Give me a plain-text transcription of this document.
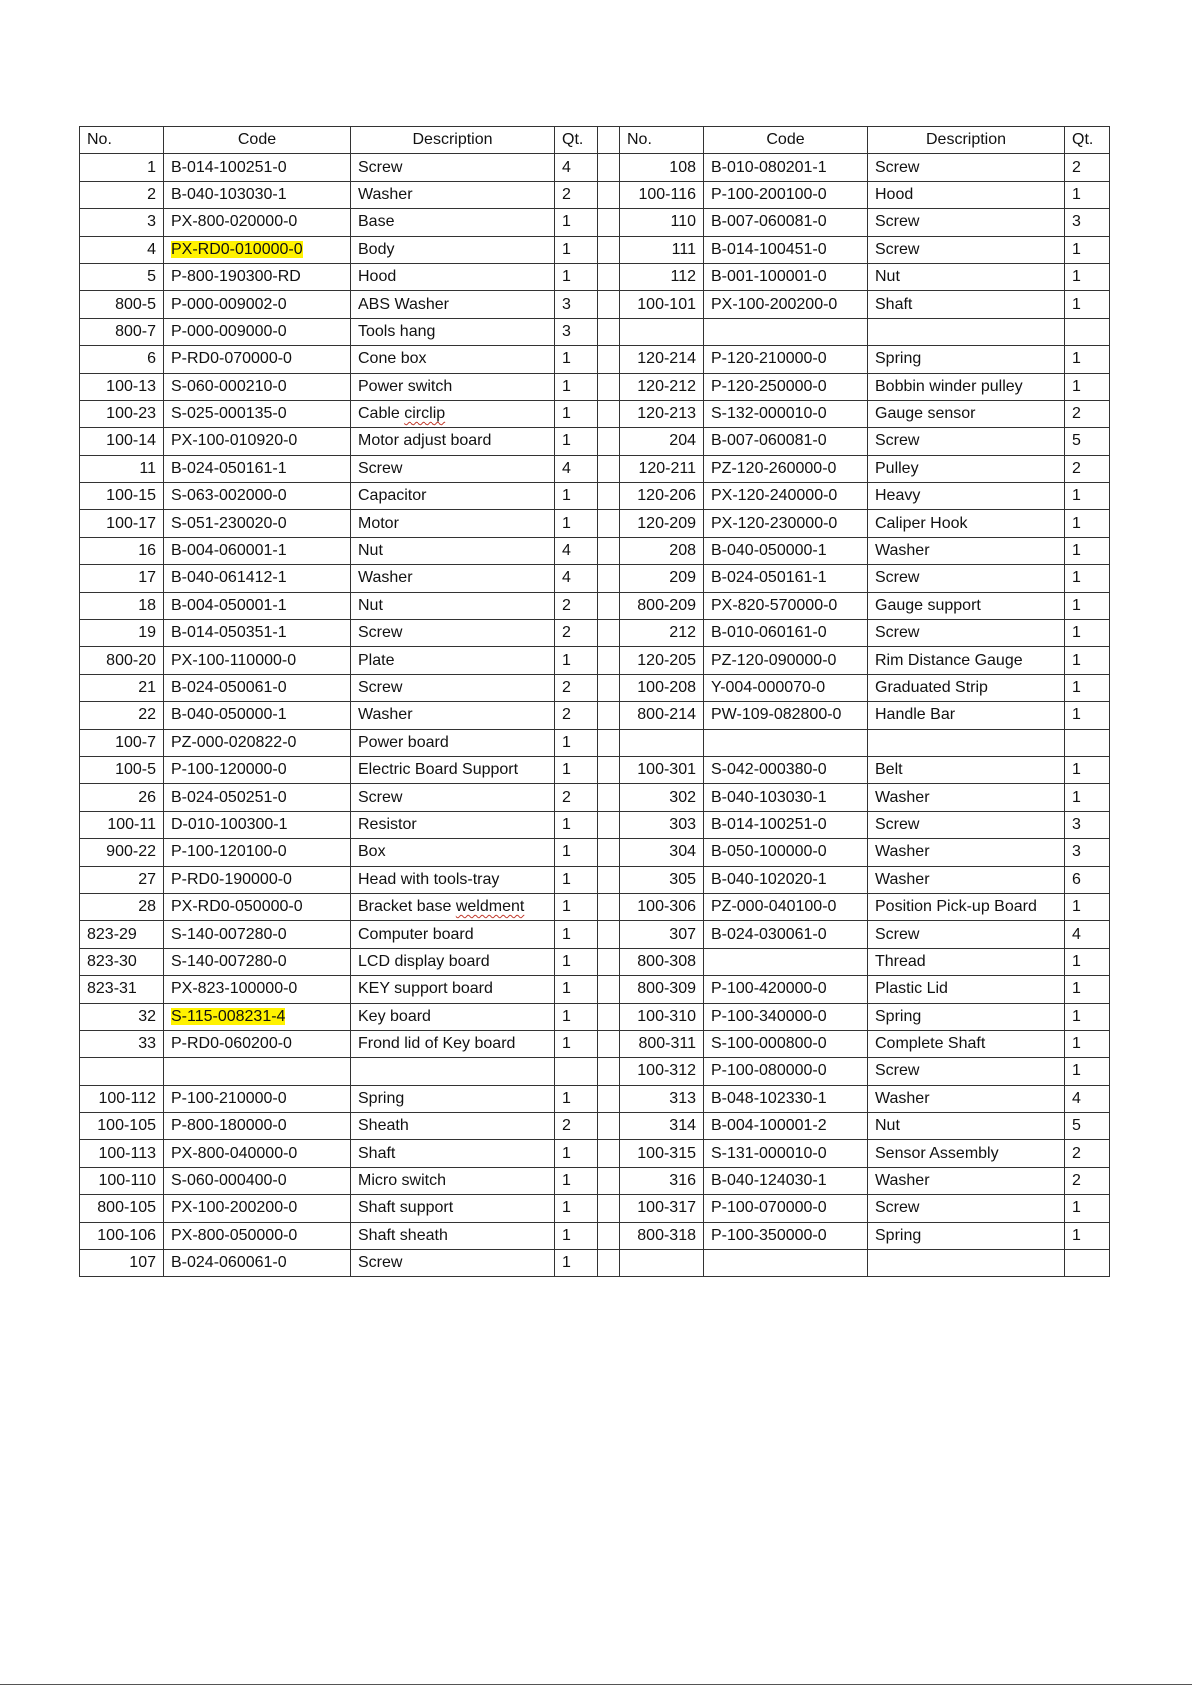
No.	Code	Description	Qt.		No.	Code	Description	Qt.
1	B-014-100251-0	Screw	4		108	B-010-080201-1	Screw	2
2	B-040-103030-1	Washer	2		100-116	P-100-200100-0	Hood	1
3	PX-800-020000-0	Base	1		110	B-007-060081-0	Screw	3
4	PX-RD0-010000-0	Body	1		111	B-014-100451-0	Screw	1
5	P-800-190300-RD	Hood	1		112	B-001-100001-0	Nut	1
800-5	P-000-009002-0	ABS Washer	3		100-101	PX-100-200200-0	Shaft	1
800-7	P-000-009000-0	Tools hang	3					
6	P-RD0-070000-0	Cone box	1		120-214	P-120-210000-0	Spring	1
100-13	S-060-000210-0	Power switch	1		120-212	P-120-250000-0	Bobbin winder pulley	1
100-23	S-025-000135-0	Cable circlip	1		120-213	S-132-000010-0	Gauge sensor	2
100-14	PX-100-010920-0	Motor adjust board	1		204	B-007-060081-0	Screw	5
11	B-024-050161-1	Screw	4		120-211	PZ-120-260000-0	Pulley	2
100-15	S-063-002000-0	Capacitor	1		120-206	PX-120-240000-0	Heavy	1
100-17	S-051-230020-0	Motor	1		120-209	PX-120-230000-0	Caliper Hook	1
16	B-004-060001-1	Nut	4		208	B-040-050000-1	Washer	1
17	B-040-061412-1	Washer	4		209	B-024-050161-1	Screw	1
18	B-004-050001-1	Nut	2		800-209	PX-820-570000-0	Gauge support	1
19	B-014-050351-1	Screw	2		212	B-010-060161-0	Screw	1
800-20	PX-100-110000-0	Plate	1		120-205	PZ-120-090000-0	Rim Distance Gauge	1
21	B-024-050061-0	Screw	2		100-208	Y-004-000070-0	Graduated Strip	1
22	B-040-050000-1	Washer	2		800-214	PW-109-082800-0	Handle Bar	1
100-7	PZ-000-020822-0	Power board	1					
100-5	P-100-120000-0	Electric Board Support	1		100-301	S-042-000380-0	Belt	1
26	B-024-050251-0	Screw	2		302	B-040-103030-1	Washer	1
100-11	D-010-100300-1	Resistor	1		303	B-014-100251-0	Screw	3
900-22	P-100-120100-0	Box	1		304	B-050-100000-0	Washer	3
27	P-RD0-190000-0	Head with tools-tray	1		305	B-040-102020-1	Washer	6
28	PX-RD0-050000-0	Bracket base weldment	1		100-306	PZ-000-040100-0	Position Pick-up Board	1
823-29	S-140-007280-0	Computer board	1		307	B-024-030061-0	Screw	4
823-30	S-140-007280-0	LCD display board	1		800-308		Thread	1
823-31	PX-823-100000-0	KEY support board	1		800-309	P-100-420000-0	Plastic Lid	1
32	S-115-008231-4	Key board	1		100-310	P-100-340000-0	Spring	1
33	P-RD0-060200-0	Frond lid of Key board	1		800-311	S-100-000800-0	Complete Shaft	1
					100-312	P-100-080000-0	Screw	1
100-112	P-100-210000-0	Spring	1		313	B-048-102330-1	Washer	4
100-105	P-800-180000-0	Sheath	2		314	B-004-100001-2	Nut	5
100-113	PX-800-040000-0	Shaft	1		100-315	S-131-000010-0	Sensor Assembly	2
100-110	S-060-000400-0	Micro switch	1		316	B-040-124030-1	Washer	2
800-105	PX-100-200200-0	Shaft support	1		100-317	P-100-070000-0	Screw	1
100-106	PX-800-050000-0	Shaft sheath	1		800-318	P-100-350000-0	Spring	1
107	B-024-060061-0	Screw	1					
